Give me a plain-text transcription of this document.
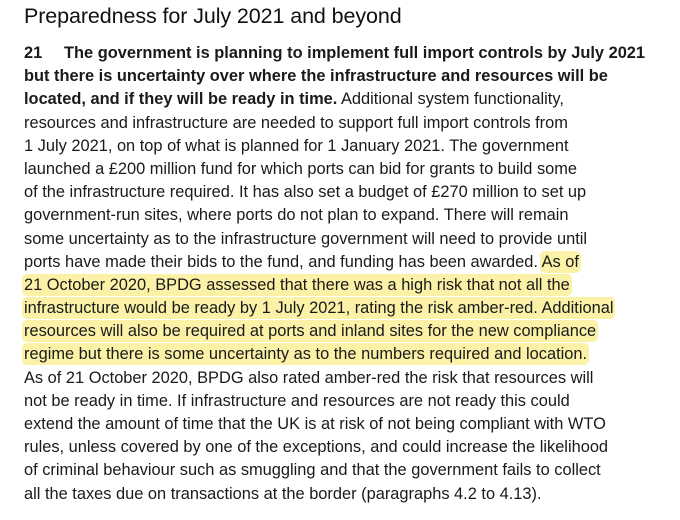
Preparedness for July 2021 and beyond
21 The government is planning to implement full import controls by July 2021
but there is uncertainty over where the infrastructure and resources will be
located, and if they will be ready in time. Additional system functionality,
resources and infrastructure are needed to support full import controls from
1 July 2021, on top of what is planned for 1 January 2021. The government
launched a £200 million fund for which ports can bid for grants to build some
of the infrastructure required. It has also set a budget of £270 million to set up
government-run sites, where ports do not plan to expand. There will remain
some uncertainty as to the infrastructure government will need to provide until
ports have made their bids to the fund, and funding has been awarded. As of
21 October 2020, BPDG assessed that there was a high risk that not all the
infrastructure would be ready by 1 July 2021, rating the risk amber-red. Additional
resources will also be required at ports and inland sites for the new compliance
regime but there is some uncertainty as to the numbers required and location.
As of 21 October 2020, BPDG also rated amber-red the risk that resources will
not be ready in time. If infrastructure and resources are not ready this could
extend the amount of time that the UK is at risk of not being compliant with WTO
rules, unless covered by one of the exceptions, and could increase the likelihood
of criminal behaviour such as smuggling and that the government fails to collect
all the taxes due on transactions at the border (paragraphs 4.2 to 4.13).
